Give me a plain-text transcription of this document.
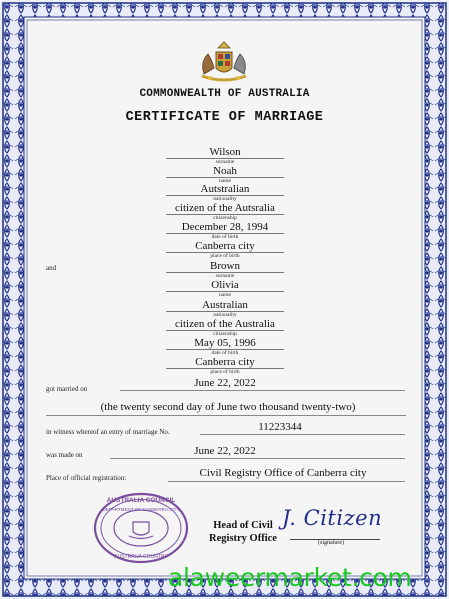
COMMONWEALTH OF AUSTRALIA
CERTIFICATE OF MARRIAGE
Wilson
surname
Noah
name
Autstralian
nationality
citizen of the Autsralia
citizenship
December 28, 1994
date of birth
Canberra city
place of birth
and	Brown
surname
Olivia
name
Australian
nationality
citizen of the Australia
citizenship
May 05, 1996
date of birth
Canberra city
place of birth
got married on	June 22, 2022
(the twenty second day of June two thousand twenty-two)
in witness whereof an entry of marriage No.	11223344
was made on	June 22, 2022
Place of official registration:	Civil Registry Office of Canberra city
AUSTRALIA COUNCIL
DEPARTMENT OF CANBERRA CITY
AUSTRALIA COUNTRY
Head of Civil
Registry Office
J. Citizen
(signature)
alaweermarket.com
